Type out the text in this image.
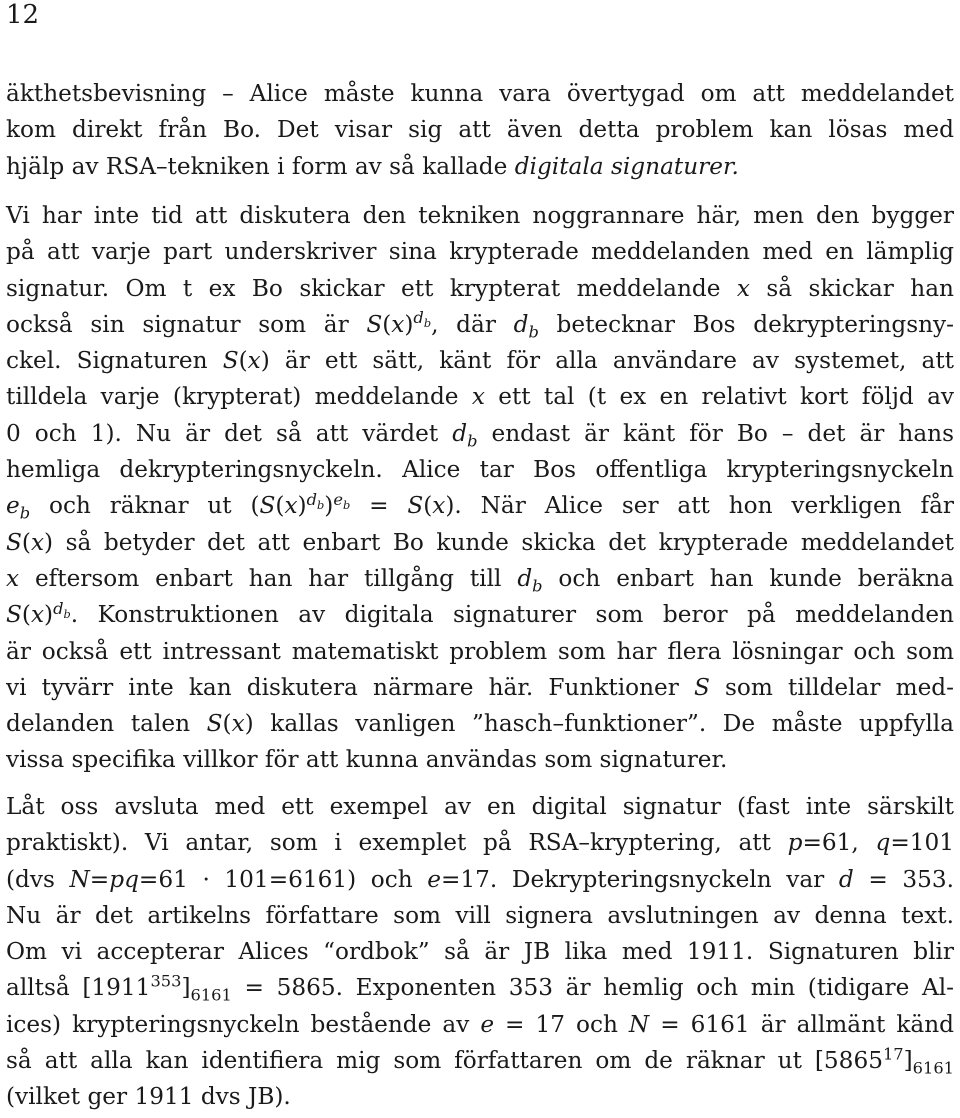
12
äkthetsbevisning – Alice måste kunna vara övertygad om att meddelandet
kom direkt från Bo. Det visar sig att även detta problem kan lösas med
hjälp av RSA–tekniken i form av så kallade digitala signaturer.
Vi har inte tid att diskutera den tekniken noggrannare här, men den bygger
på att varje part underskriver sina krypterade meddelanden med en lämplig
signatur. Om t ex Bo skickar ett krypterat meddelande x så skickar han
också sin signatur som är $S(x)^{d_b}$, där $d_b$ betecknar Bos dekrypteringsny-
ckel. Signaturen S(x) är ett sätt, känt för alla användare av systemet, att
tilldela varje (krypterat) meddelande x ett tal (t ex en relativt kort följd av
0 och 1). Nu är det så att värdet $d_b$ endast är känt för Bo – det är hans
hemliga dekrypteringsnyckeln. Alice tar Bos offentliga krypteringsnyckeln
$e_b$ och räknar ut $(S(x)^{d_b})^{e_b} = S(x)$. När Alice ser att hon verkligen får
S(x) så betyder det att enbart Bo kunde skicka det krypterade meddelandet
x eftersom enbart han har tillgång till $d_b$ och enbart han kunde beräkna
$S(x)^{d_b}$. Konstruktionen av digitala signaturer som beror på meddelanden
är också ett intressant matematiskt problem som har flera lösningar och som
vi tyvärr inte kan diskutera närmare här. Funktioner S som tilldelar med-
delanden talen S(x) kallas vanligen ”hasch–funktioner”. De måste uppfylla
vissa specifika villkor för att kunna användas som signaturer.
Låt oss avsluta med ett exempel av en digital signatur (fast inte särskilt
praktiskt). Vi antar, som i exemplet på RSA–kryptering, att p=61, q=101
(dvs N=pq=61 · 101=6161) och e=17. Dekrypteringsnyckeln var d = 353.
Nu är det artikelns författare som vill signera avslutningen av denna text.
Om vi accepterar Alices “ordbok” så är JB lika med 1911. Signaturen blir
alltså $[1911^{353}]_{6161} = 5865$. Exponenten 353 är hemlig och min (tidigare Al-
ices) krypteringsnyckeln bestående av e = 17 och N = 6161 är allmänt känd
så att alla kan identifiera mig som författaren om de räknar ut $[5865^{17}]_{6161}$
(vilket ger 1911 dvs JB).
